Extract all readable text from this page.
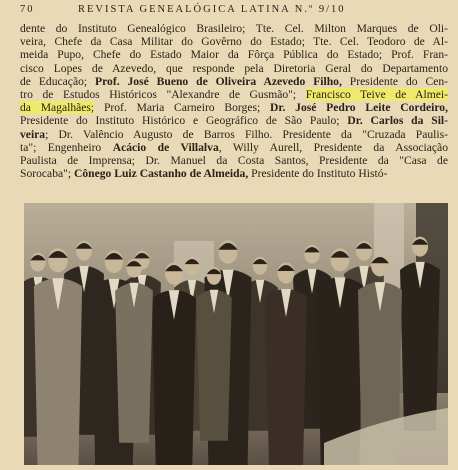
70	REVISTA GENEALÓGICA LATINA N.º 9/10
dente do Instituto Genealógico Brasileiro; Tte. Cel. Milton Marques de Oli-
veira, Chefe da Casa Militar do Govêrno do Estado; Tte. Cel. Teodoro de Al-
meida Pupo, Chefe do Estado Maior da Fôrça Pública do Estado; Prof. Fran-
cisco Lopes de Azevedo, que responde pela Diretoria Geral do Departamento
de Educação; Prof. José Bueno de Oliveira Azevedo Filho, Presidente do Cen-
tro de Estudos Históricos "Alexandre de Gusmão"; Francisco Teive de Almei-
da Magalhães; Prof. Maria Carneiro Borges; Dr. José Pedro Leite Cordeiro,
Presidente do Instituto Histórico e Geográfico de São Paulo; Dr. Carlos da Sil-
veira; Dr. Valêncio Augusto de Barros Filho. Presidente da "Cruzada Paulis-
ta"; Engenheiro Acácio de Villalva, Willy Aurell, Presidente da Associação
Paulista de Imprensa; Dr. Manuel da Costa Santos, Presidente da "Casa de
Sorocaba"; Cônego Luiz Castanho de Almeida, Presidente do Instituto Histó-
